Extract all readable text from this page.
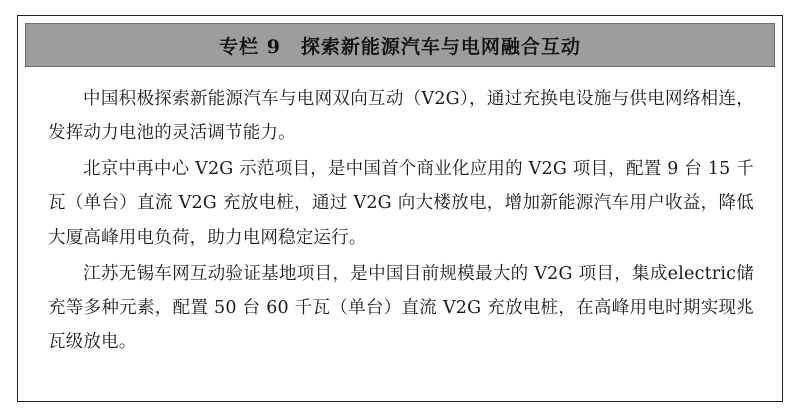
专栏 9　探索新能源汽车与电网融合互动

中国积极探索新能源汽车与电网双向互动（V2G），通过充换电设施与供电网络相连，发挥动力电池的灵活调节能力。

北京中再中心 V2G 示范项目，是中国首个商业化应用的 V2G 项目，配置 9 台 15 千瓦（单台）直流 V2G 充放电桩，通过 V2G 向大楼放电，增加新能源汽车用户收益，降低大厦高峰用电负荷，助力电网稳定运行。

江苏无锡车网互动验证基地项目，是中国目前规模最大的 V2G 项目，集成electric储充等多种元素，配置 50 台 60 千瓦（单台）直流 V2G 充放电桩，在高峰用电时期实现兆瓦级放电。
